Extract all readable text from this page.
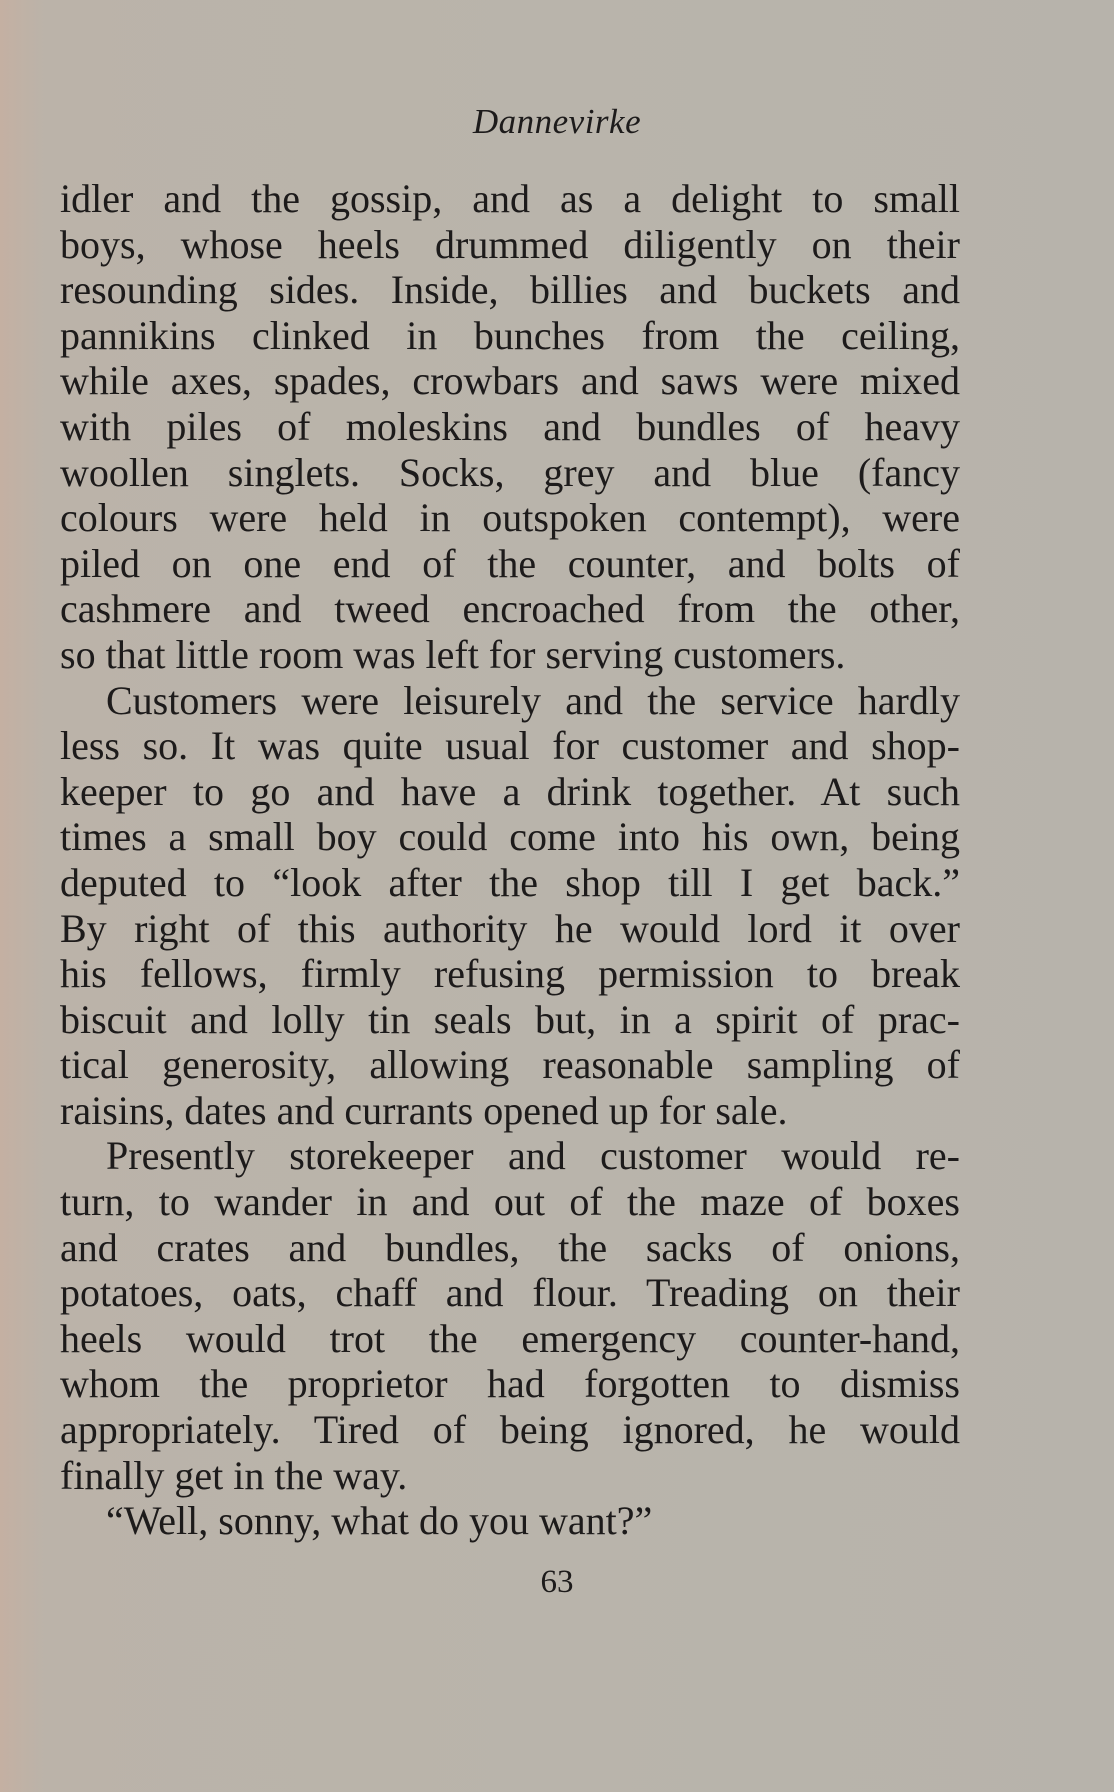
Dannevirke
idler and the gossip, and as a delight to small
boys, whose heels drummed diligently on their
resounding sides. Inside, billies and buckets and
pannikins clinked in bunches from the ceiling,
while axes, spades, crowbars and saws were mixed
with piles of moleskins and bundles of heavy
woollen singlets. Socks, grey and blue (fancy
colours were held in outspoken contempt), were
piled on one end of the counter, and bolts of
cashmere and tweed encroached from the other,
so that little room was left for serving customers.
Customers were leisurely and the service hardly
less so. It was quite usual for customer and shop-
keeper to go and have a drink together. At such
times a small boy could come into his own, being
deputed to “look after the shop till I get back.”
By right of this authority he would lord it over
his fellows, firmly refusing permission to break
biscuit and lolly tin seals but, in a spirit of prac-
tical generosity, allowing reasonable sampling of
raisins, dates and currants opened up for sale.
Presently storekeeper and customer would re-
turn, to wander in and out of the maze of boxes
and crates and bundles, the sacks of onions,
potatoes, oats, chaff and flour. Treading on their
heels would trot the emergency counter-hand,
whom the proprietor had forgotten to dismiss
appropriately. Tired of being ignored, he would
finally get in the way.
“Well, sonny, what do you want?”
63
